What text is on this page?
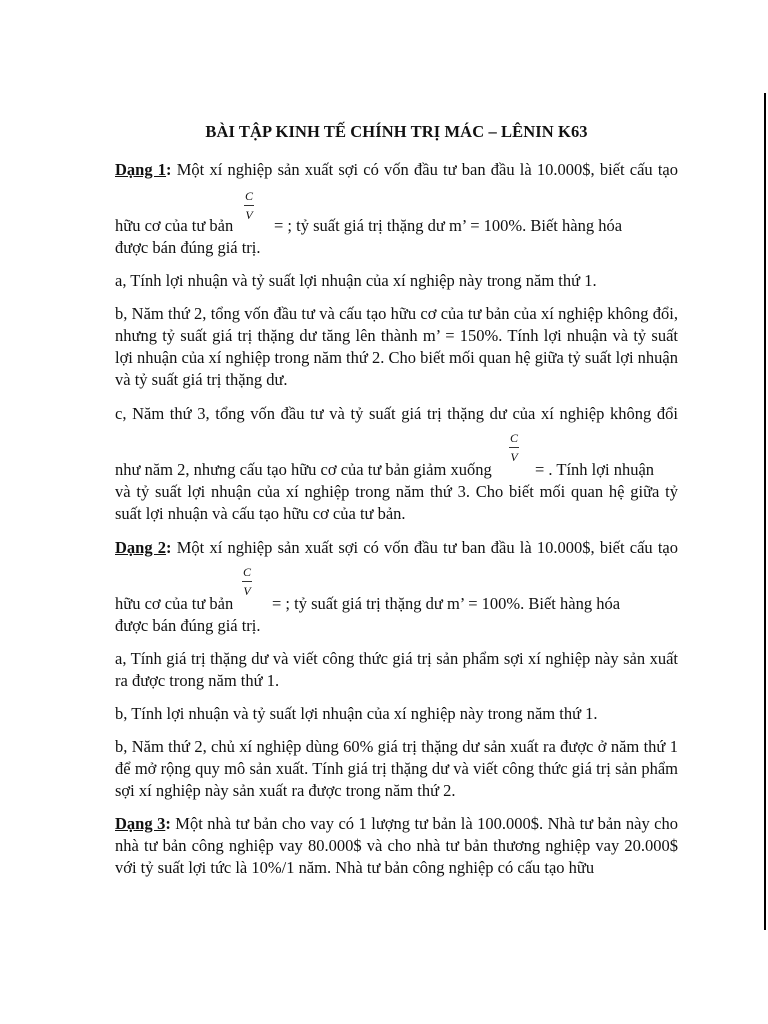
BÀI TẬP KINH TẾ CHÍNH TRỊ MÁC – LÊNIN K63
Dạng 1: Một xí nghiệp sản xuất sợi có vốn đầu tư ban đầu là 10.000$, biết cấu tạo
C
V
hữu cơ của tư bản = ; tỷ suất giá trị thặng dư m’ = 100%. Biết hàng hóa
được bán đúng giá trị.
a, Tính lợi nhuận và tỷ suất lợi nhuận của xí nghiệp này trong năm thứ 1.
b, Năm thứ 2, tổng vốn đầu tư và cấu tạo hữu cơ của tư bản của xí nghiệp không đổi, nhưng tỷ suất giá trị thặng dư tăng lên thành m’ = 150%. Tính lợi nhuận và tỷ suất lợi nhuận của xí nghiệp trong năm thứ 2. Cho biết mối quan hệ giữa tỷ suất lợi nhuận và tỷ suất giá trị thặng dư.
c, Năm thứ 3, tổng vốn đầu tư và tỷ suất giá trị thặng dư của xí nghiệp không đổi
C
V
như năm 2, nhưng cấu tạo hữu cơ của tư bản giảm xuống	= . Tính lợi nhuận
và tỷ suất lợi nhuận của xí nghiệp trong năm thứ 3. Cho biết mối quan hệ giữa tỷ suất lợi nhuận và cấu tạo hữu cơ của tư bản.
Dạng 2: Một xí nghiệp sản xuất sợi có vốn đầu tư ban đầu là 10.000$, biết cấu tạo
C
V
hữu cơ của tư bản = ; tỷ suất giá trị thặng dư m’ = 100%. Biết hàng hóa
được bán đúng giá trị.
a, Tính giá trị thặng dư và viết công thức giá trị sản phẩm sợi xí nghiệp này sản xuất ra được trong năm thứ 1.
b, Tính lợi nhuận và tỷ suất lợi nhuận của xí nghiệp này trong năm thứ 1.
b, Năm thứ 2, chủ xí nghiệp dùng 60% giá trị thặng dư sản xuất ra được ở năm thứ 1 để mở rộng quy mô sản xuất. Tính giá trị thặng dư và viết công thức giá trị sản phẩm sợi xí nghiệp này sản xuất ra được trong năm thứ 2.
Dạng 3: Một nhà tư bản cho vay có 1 lượng tư bản là 100.000$. Nhà tư bản này cho nhà tư bản công nghiệp vay 80.000$ và cho nhà tư bản thương nghiệp vay 20.000$ với tỷ suất lợi tức là 10%/1 năm. Nhà tư bản công nghiệp có cấu tạo hữu
